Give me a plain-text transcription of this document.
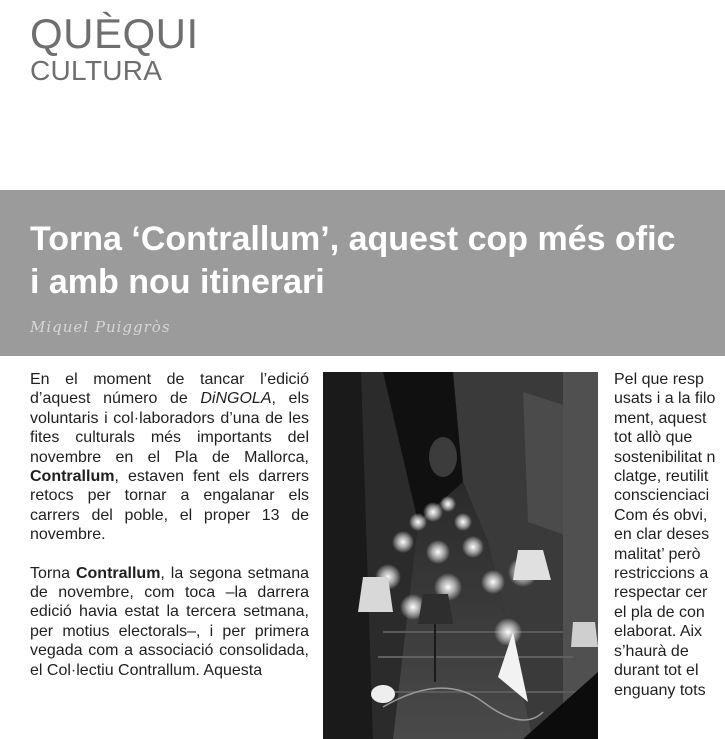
QUÈQUI
CULTURA
Torna ‘Contrallum’, aquest cop més ofic
i amb nou itinerari

Miquel Puiggròs

En el moment de tancar l’edició d’aquest número de DiNGOLA, els voluntaris i col·laboradors d’una de les fites culturals més importants del novembre en el Pla de Mallorca, Contrallum, estaven fent els darrers retocs per tornar a engalanar els carrers del poble, el proper 13 de novembre.

Torna Contrallum, la segona setmana de novembre, com toca –la darrera edició havia estat la tercera setmana, per motius electorals–, i per primera vegada com a associació consolidada, el Col·lectiu Contrallum. Aquesta

Pel que resp
usats i a la filo
ment, aquest
tot allò que
sostenibilitat n
clatge, reutilit
conscienciaci
Com és obvi,
en clar deses
malitat’ però
restriccions a
respectar cer
el pla de con
elaborat. Aix
s’haurà de
durant tot el
enguany tots
